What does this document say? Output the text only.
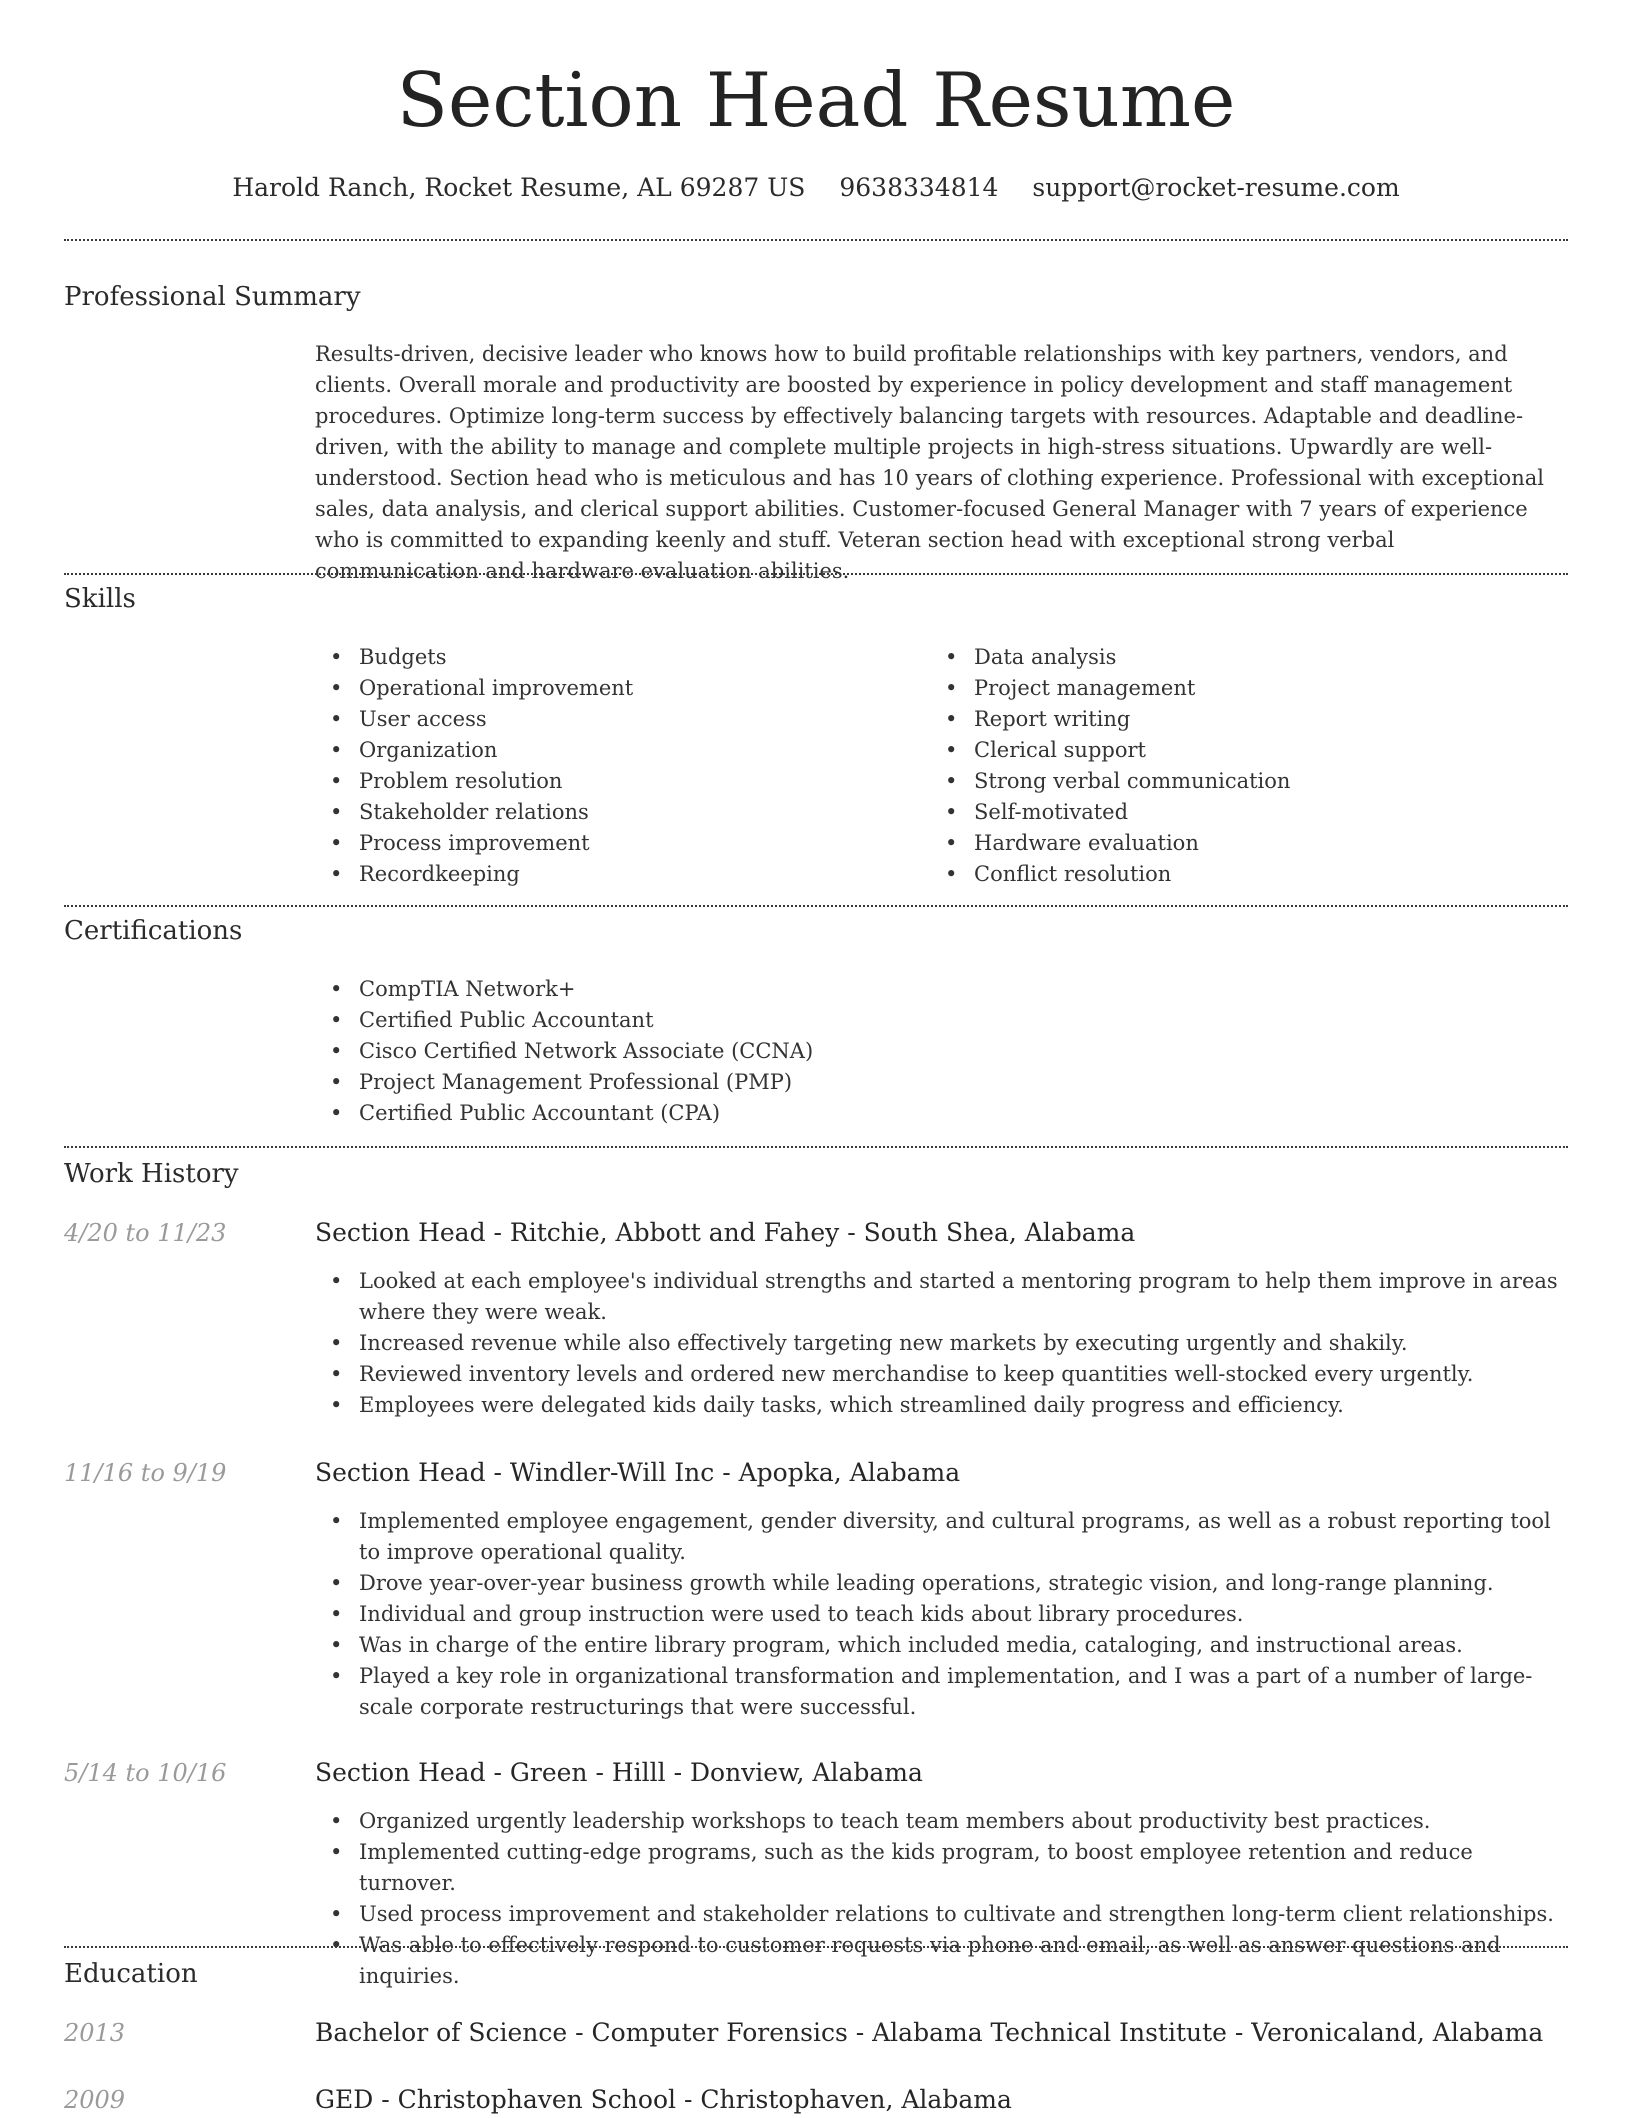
Section Head Resume
Harold Ranch, Rocket Resume, AL 69287 US 9638334814 support@rocket-resume.com
Professional Summary
Results-driven, decisive leader who knows how to build profitable relationships with key partners, vendors, and clients. Overall morale and productivity are boosted by experience in policy development and staff management procedures. Optimize long-term success by effectively balancing targets with resources. Adaptable and deadline-driven, with the ability to manage and complete multiple projects in high-stress situations. Upwardly are well-understood. Section head who is meticulous and has 10 years of clothing experience. Professional with exceptional sales, data analysis, and clerical support abilities. Customer-focused General Manager with 7 years of experience who is committed to expanding keenly and stuff. Veteran section head with exceptional strong verbal communication and hardware evaluation abilities.
Skills
• Budgets
• Operational improvement
• User access
• Organization
• Problem resolution
• Stakeholder relations
• Process improvement
• Recordkeeping
• Data analysis
• Project management
• Report writing
• Clerical support
• Strong verbal communication
• Self-motivated
• Hardware evaluation
• Conflict resolution
Certifications
• CompTIA Network+
• Certified Public Accountant
• Cisco Certified Network Associate (CCNA)
• Project Management Professional (PMP)
• Certified Public Accountant (CPA)
Work History
4/20 to 11/23	Section Head - Ritchie, Abbott and Fahey - South Shea, Alabama
• Looked at each employee's individual strengths and started a mentoring program to help them improve in areas where they were weak.
• Increased revenue while also effectively targeting new markets by executing urgently and shakily.
• Reviewed inventory levels and ordered new merchandise to keep quantities well-stocked every urgently.
• Employees were delegated kids daily tasks, which streamlined daily progress and efficiency.
11/16 to 9/19	Section Head - Windler-Will Inc - Apopka, Alabama
• Implemented employee engagement, gender diversity, and cultural programs, as well as a robust reporting tool to improve operational quality.
• Drove year-over-year business growth while leading operations, strategic vision, and long-range planning.
• Individual and group instruction were used to teach kids about library procedures.
• Was in charge of the entire library program, which included media, cataloging, and instructional areas.
• Played a key role in organizational transformation and implementation, and I was a part of a number of large-scale corporate restructurings that were successful.
5/14 to 10/16	Section Head - Green - Hilll - Donview, Alabama
• Organized urgently leadership workshops to teach team members about productivity best practices.
• Implemented cutting-edge programs, such as the kids program, to boost employee retention and reduce turnover.
• Used process improvement and stakeholder relations to cultivate and strengthen long-term client relationships.
• Was able to effectively respond to customer requests via phone and email, as well as answer questions and inquiries.
Education
2013	Bachelor of Science - Computer Forensics - Alabama Technical Institute - Veronicaland, Alabama
2009	GED - Christophaven School - Christophaven, Alabama
